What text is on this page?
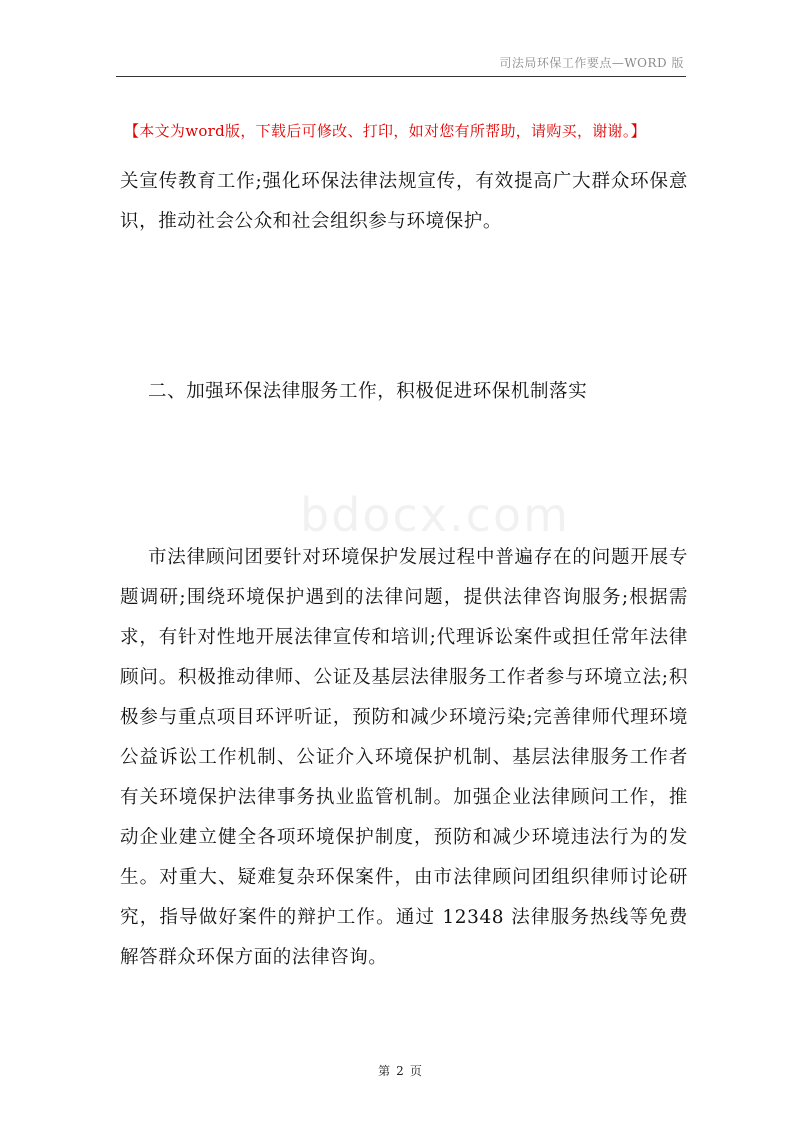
司法局环保工作要点—WORD 版
【本文为word版，下载后可修改、打印，如对您有所帮助，请购买，谢谢。】
关宣传教育工作;强化环保法律法规宣传，有效提高广大群众环保意识，推动社会公众和社会组织参与环境保护。
二、加强环保法律服务工作，积极促进环保机制落实
bdocx.com
市法律顾问团要针对环境保护发展过程中普遍存在的问题开展专题调研;围绕环境保护遇到的法律问题，提供法律咨询服务;根据需求，有针对性地开展法律宣传和培训;代理诉讼案件或担任常年法律顾问。积极推动律师、公证及基层法律服务工作者参与环境立法;积极参与重点项目环评听证，预防和减少环境污染;完善律师代理环境公益诉讼工作机制、公证介入环境保护机制、基层法律服务工作者有关环境保护法律事务执业监管机制。加强企业法律顾问工作，推动企业建立健全各项环境保护制度，预防和减少环境违法行为的发生。对重大、疑难复杂环保案件，由市法律顾问团组织律师讨论研究，指导做好案件的辩护工作。通过 12348 法律服务热线等免费解答群众环保方面的法律咨询。
第 2 页
